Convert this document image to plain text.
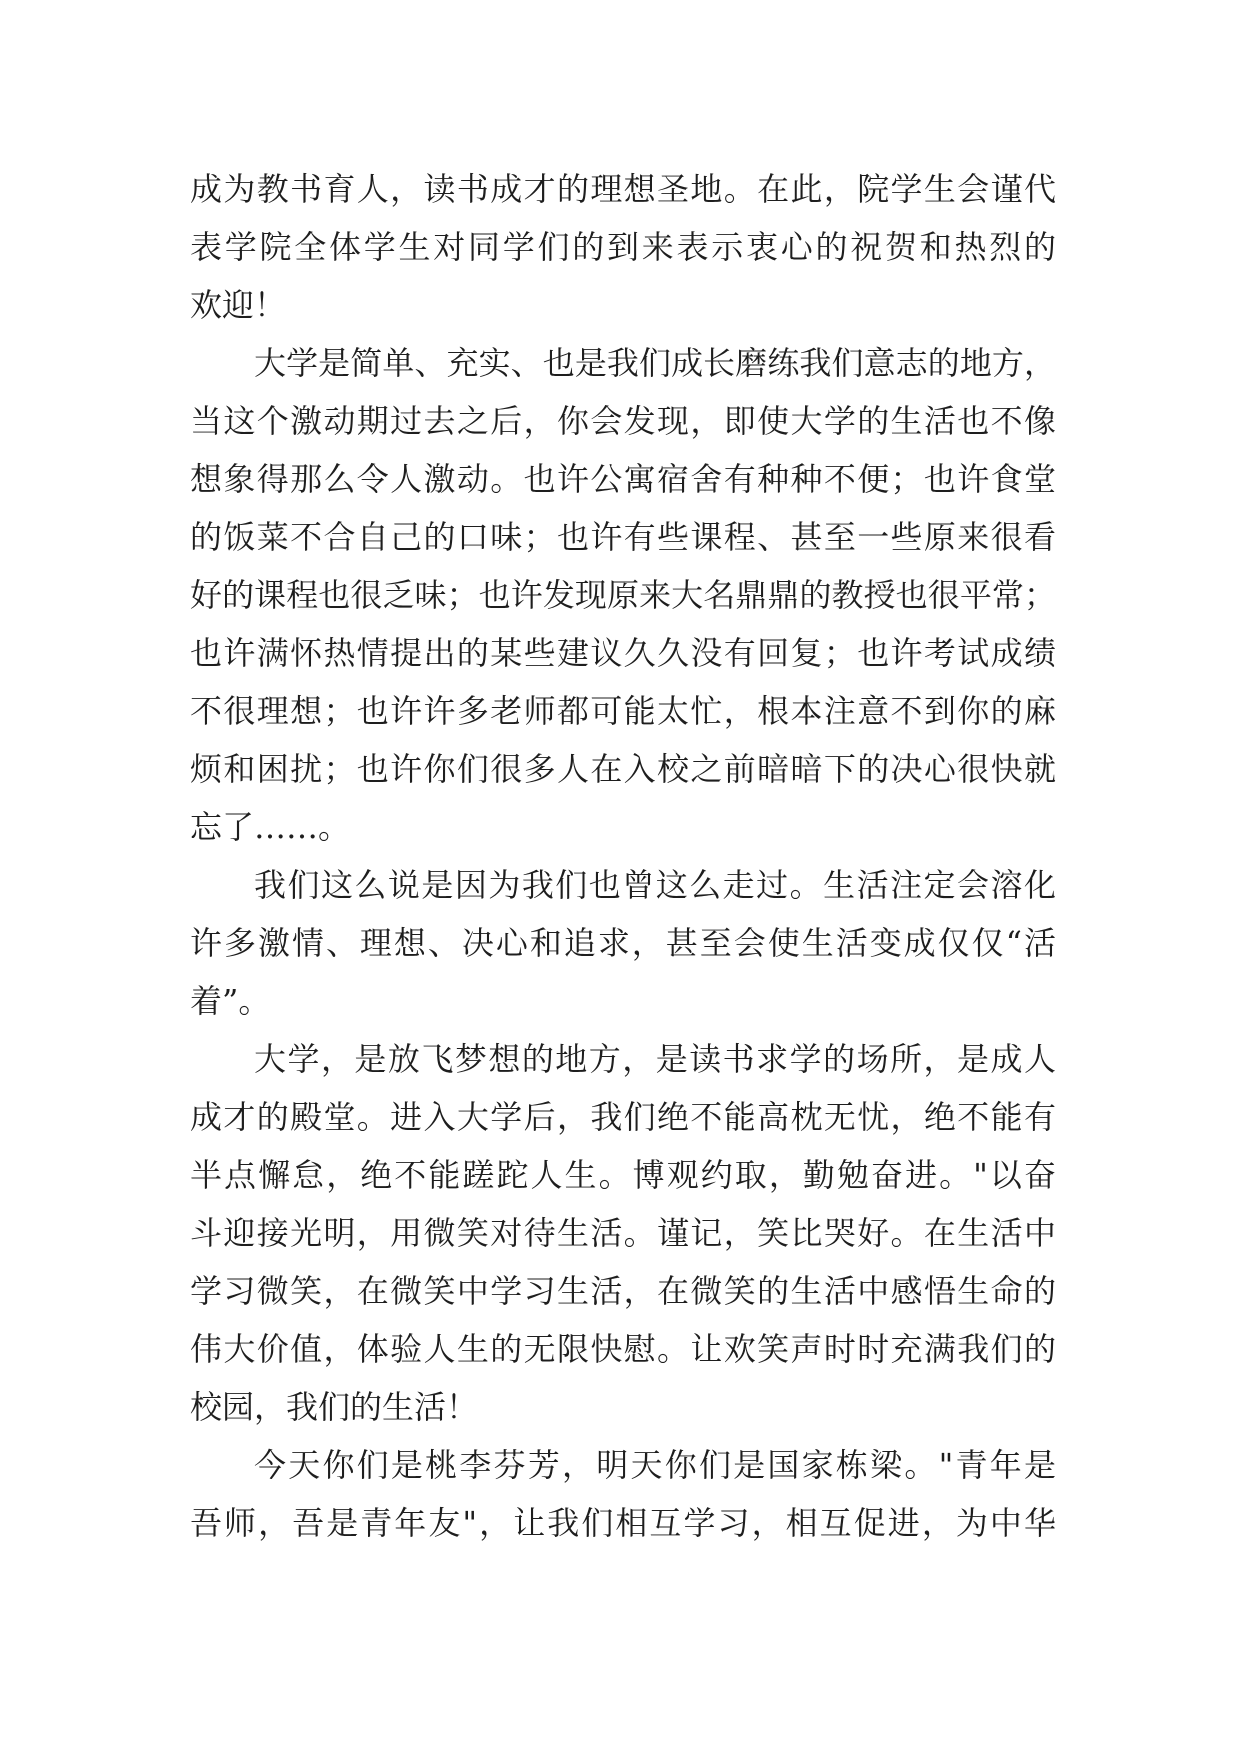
成为教书育人，读书成才的理想圣地。在此，院学生会谨代
表学院全体学生对同学们的到来表示衷心的祝贺和热烈的
欢迎！
大学是简单、充实、也是我们成长磨练我们意志的地方，
当这个激动期过去之后，你会发现，即使大学的生活也不像
想象得那么令人激动。也许公寓宿舍有种种不便；也许食堂
的饭菜不合自己的口味；也许有些课程、甚至一些原来很看
好的课程也很乏味；也许发现原来大名鼎鼎的教授也很平常；
也许满怀热情提出的某些建议久久没有回复；也许考试成绩
不很理想；也许许多老师都可能太忙，根本注意不到你的麻
烦和困扰；也许你们很多人在入校之前暗暗下的决心很快就
忘了……。
我们这么说是因为我们也曾这么走过。生活注定会溶化
许多激情、理想、决心和追求，甚至会使生活变成仅仅“活
着”。
大学，是放飞梦想的地方，是读书求学的场所，是成人
成才的殿堂。进入大学后，我们绝不能高枕无忧，绝不能有
半点懈怠，绝不能蹉跎人生。博观约取，勤勉奋进。"以奋
斗迎接光明，用微笑对待生活。谨记，笑比哭好。在生活中
学习微笑，在微笑中学习生活，在微笑的生活中感悟生命的
伟大价值，体验人生的无限快慰。让欢笑声时时充满我们的
校园，我们的生活！
今天你们是桃李芬芳，明天你们是国家栋梁。"青年是
吾师，吾是青年友"，让我们相互学习，相互促进，为中华
